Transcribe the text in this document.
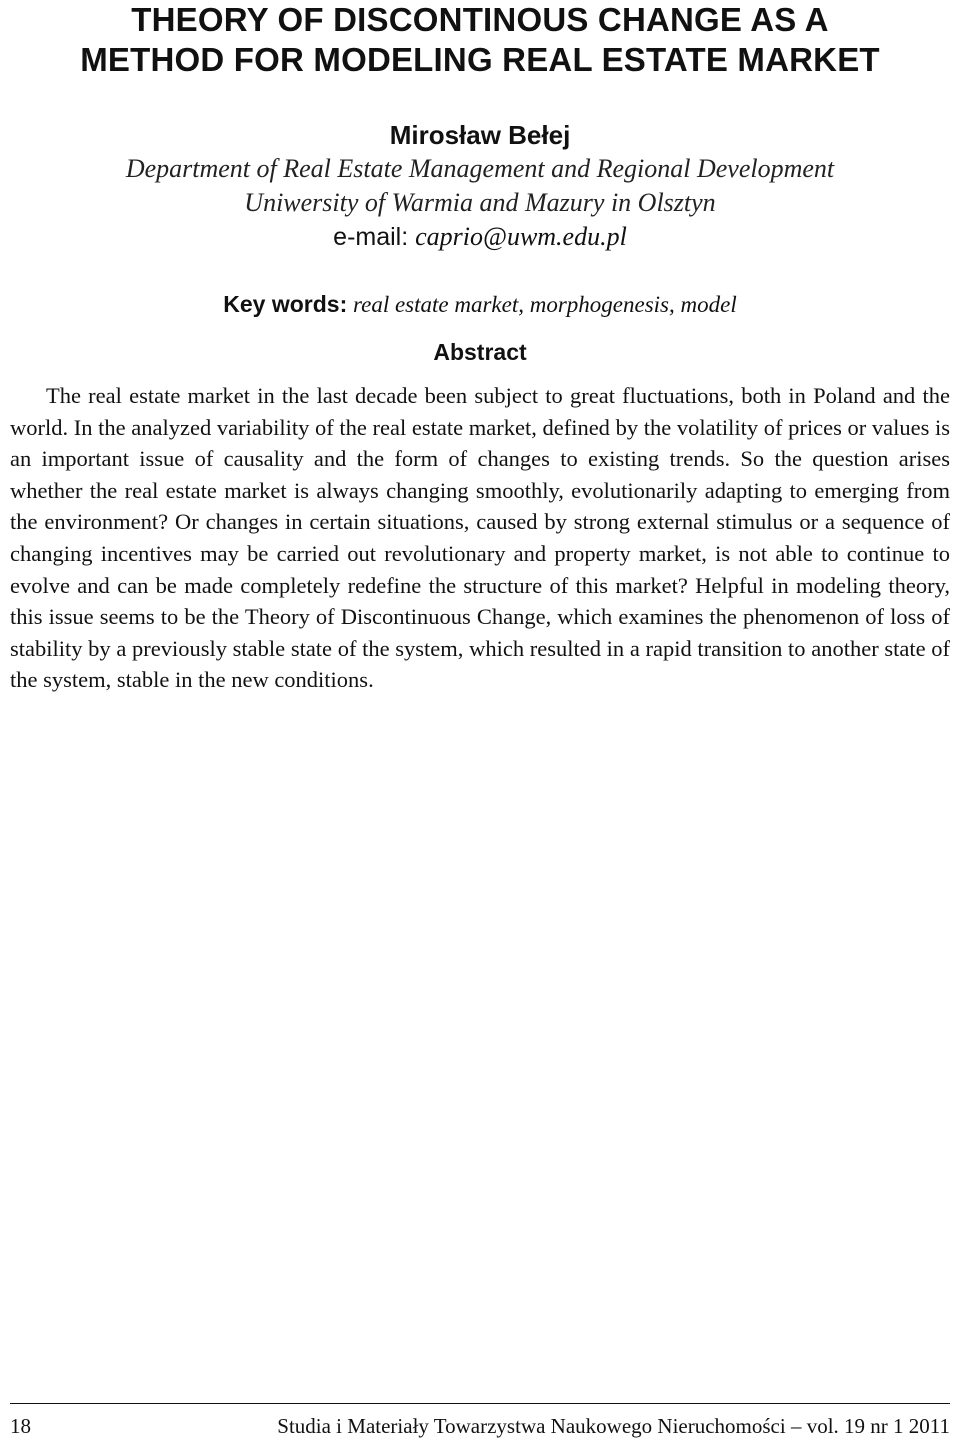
THEORY OF DISCONTINOUS CHANGE AS A
METHOD FOR MODELING REAL ESTATE MARKET
Mirosław Bełej
Department of Real Estate Management and Regional Development
Uniwersity of Warmia and Mazury in Olsztyn
e-mail: caprio@uwm.edu.pl
Key words: real estate market, morphogenesis, model
Abstract

The real estate market in the last decade been subject to great fluctuations, both in Poland and the world. In the analyzed variability of the real estate market, defined by the volatility of prices or values is an important issue of causality and the form of changes to existing trends. So the question arises whether the real estate market is always changing smoothly, evolutionarily adapting to emerging from the environment? Or changes in certain situations, caused by strong external stimulus or a sequence of changing incentives may be carried out revolutionary and property market, is not able to continue to evolve and can be made completely redefine the structure of this market? Helpful in modeling theory, this issue seems to be the Theory of Discontinuous Change, which examines the phenomenon of loss of stability by a previously stable state of the system, which resulted in a rapid transition to another state of the system, stable in the new conditions.

18	Studia i Materiały Towarzystwa Naukowego Nieruchomości – vol. 19 nr 1 2011
